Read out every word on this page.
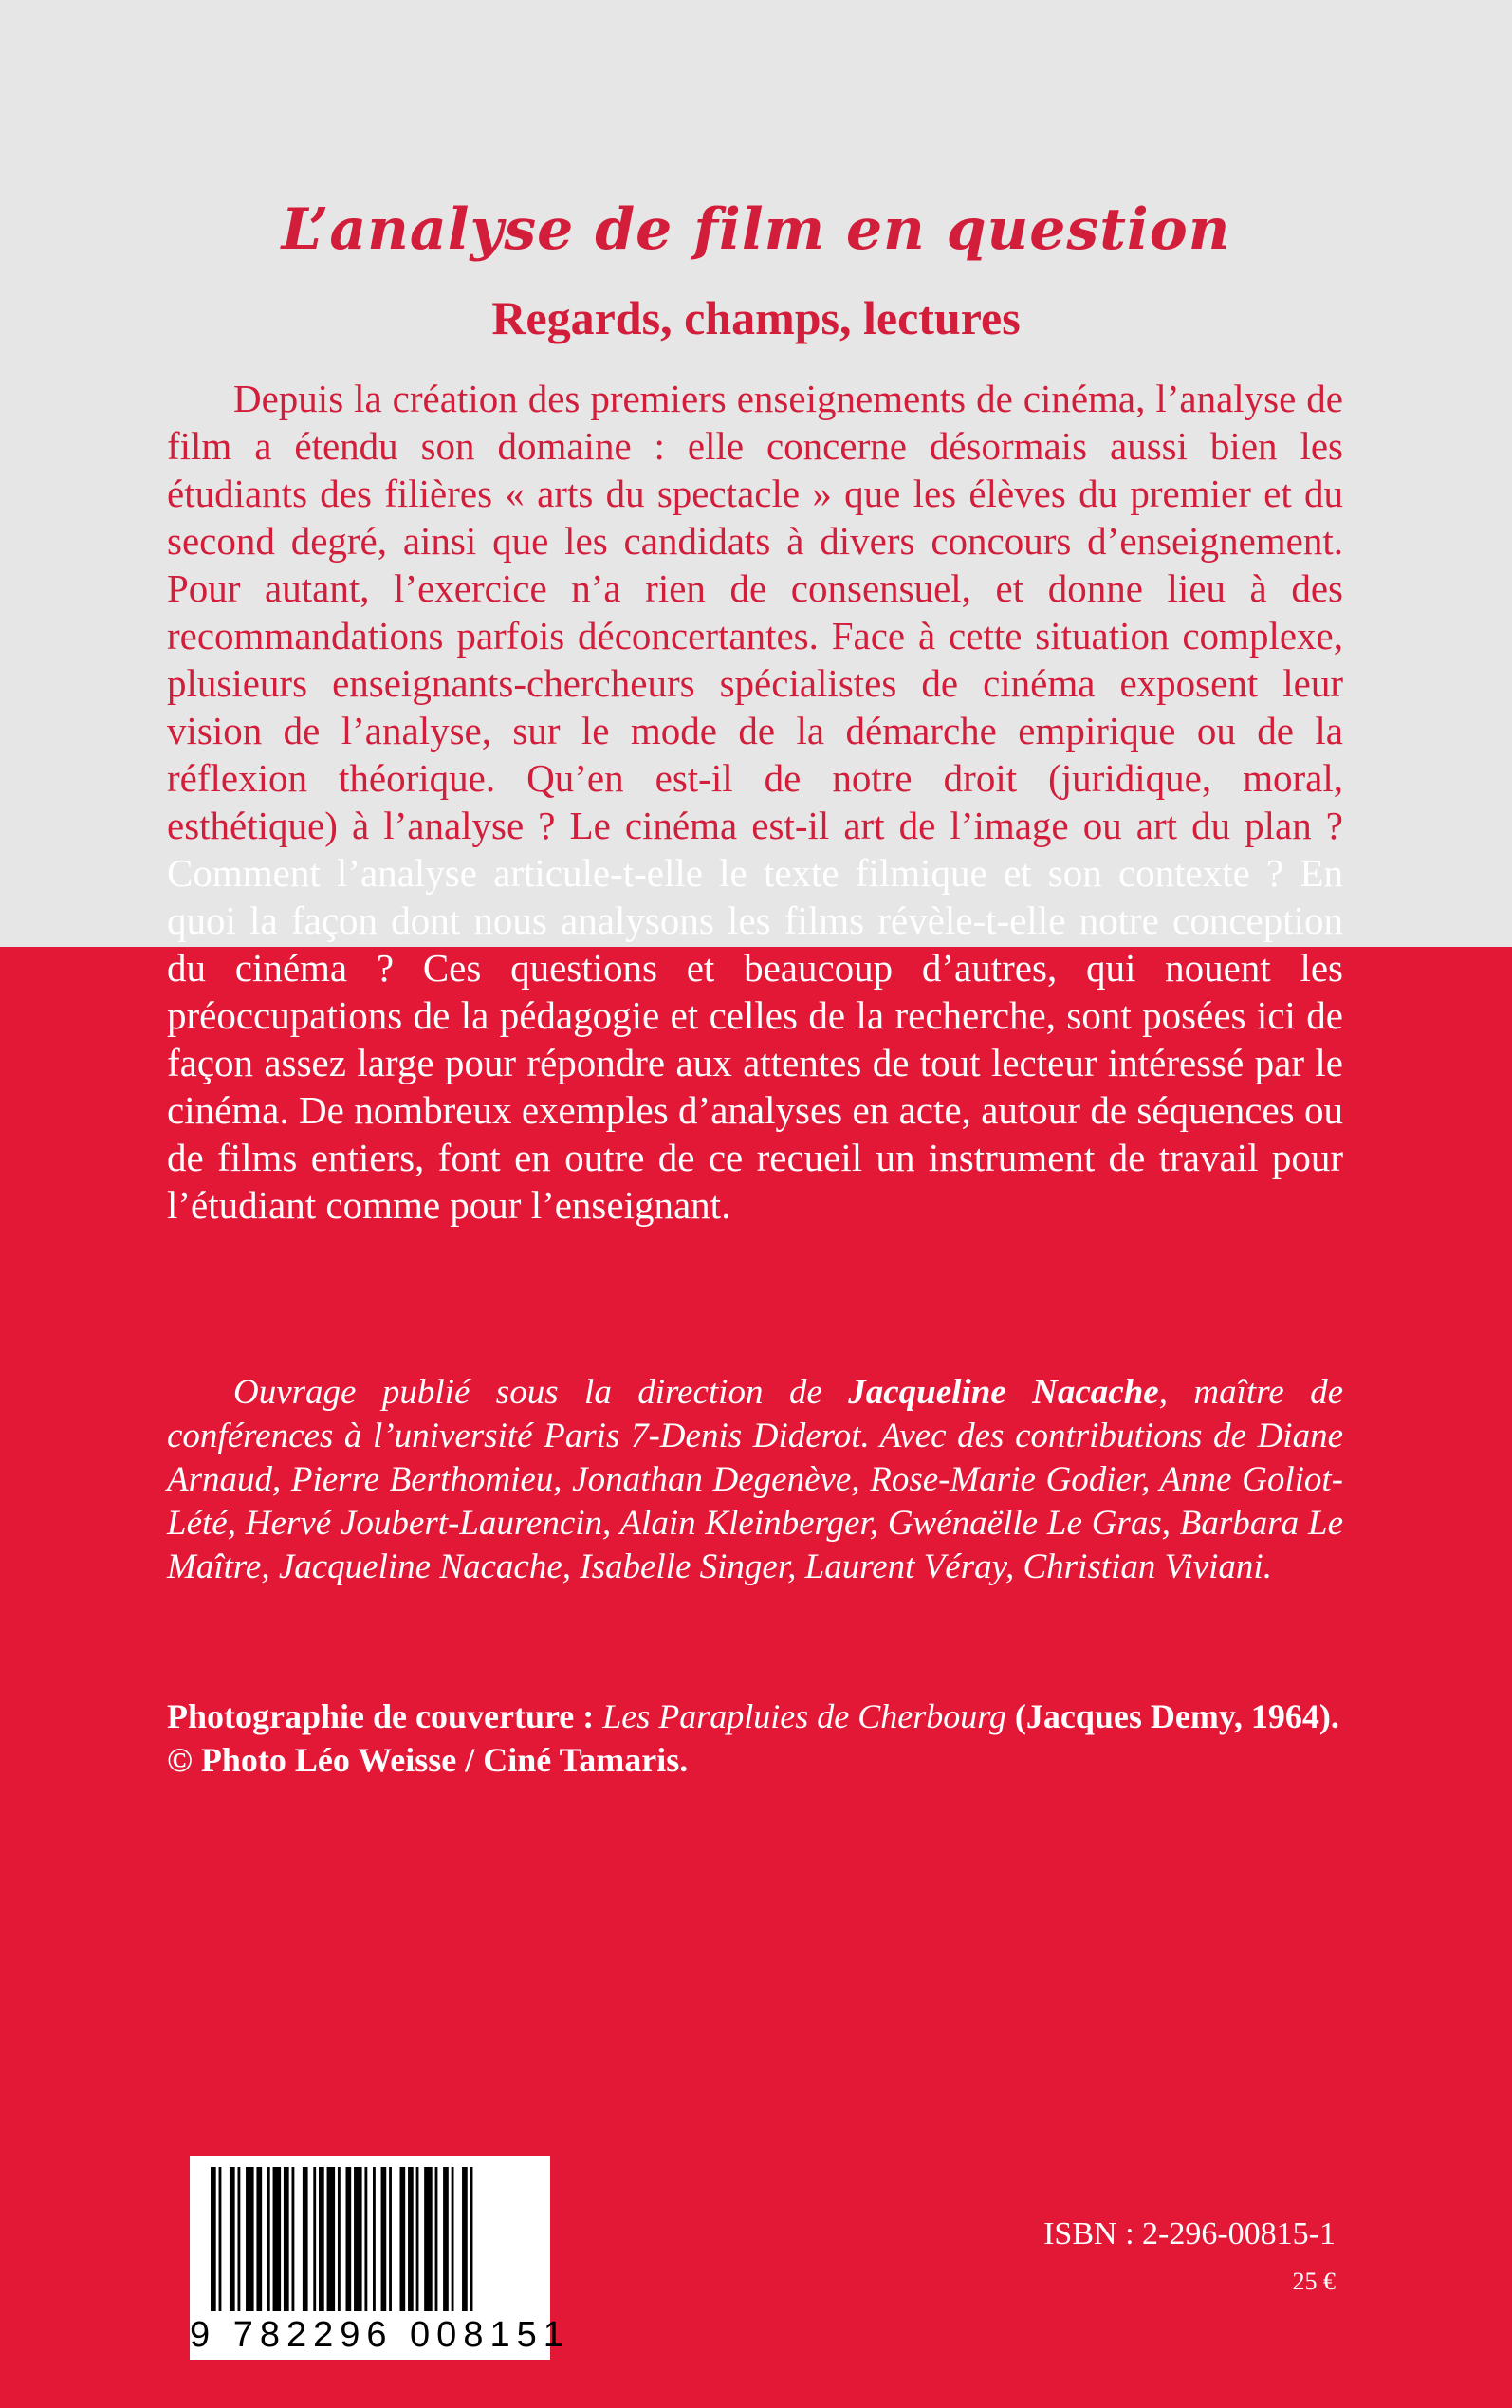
L’analyse de film en question
Regards, champs, lectures

Depuis la création des premiers enseignements de cinéma, l’analyse de film a étendu son domaine : elle concerne désormais aussi bien les étudiants des filières « arts du spectacle » que les élèves du premier et du second degré, ainsi que les candidats à divers concours d’enseignement. Pour autant, l’exercice n’a rien de consensuel, et donne lieu à des recommandations parfois déconcertantes. Face à cette situation complexe, plusieurs enseignants-chercheurs spécialistes de cinéma exposent leur vision de l’analyse, sur le mode de la démarche empirique ou de la réflexion théorique. Qu’en est-il de notre droit (juridique, moral, esthétique) à l’analyse ? Le cinéma est-il art de l’image ou art du plan ? Comment l’analyse articule-t-elle le texte filmique et son contexte ? En quoi la façon dont nous analysons les films révèle-t-elle notre conception du cinéma ? Ces questions et beaucoup d’autres, qui nouent les préoccupations de la pédagogie et celles de la recherche, sont posées ici de façon assez large pour répondre aux attentes de tout lecteur intéressé par le cinéma. De nombreux exemples d’analyses en acte, autour de séquences ou de films entiers, font en outre de ce recueil un instrument de travail pour l’étudiant comme pour l’enseignant.

Ouvrage publié sous la direction de Jacqueline Nacache, maître de conférences à l’université Paris 7-Denis Diderot. Avec des contributions de Diane Arnaud, Pierre Berthomieu, Jonathan Degenève, Rose-Marie Godier, Anne Goliot-Lété, Hervé Joubert-Laurencin, Alain Kleinberger, Gwénaëlle Le Gras, Barbara Le Maître, Jacqueline Nacache, Isabelle Singer, Laurent Véray, Christian Viviani.

Photographie de couverture : Les Parapluies de Cherbourg (Jacques Demy, 1964).
© Photo Léo Weisse / Ciné Tamaris.

9 782296 008151
ISBN : 2-296-00815-1
25 €
